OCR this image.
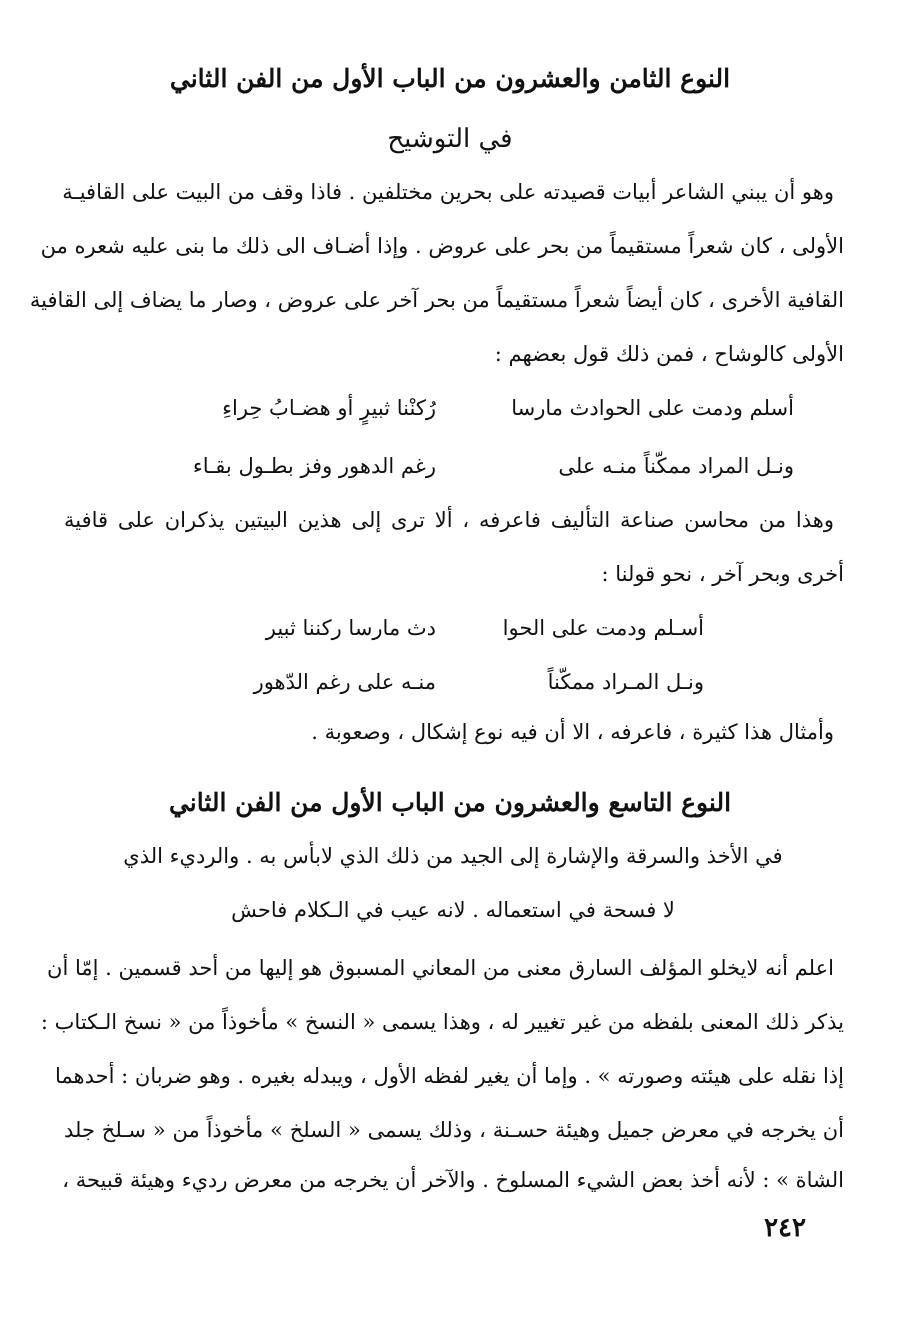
النوع الثامن والعشرون من الباب الأول من الفن الثاني
في التوشيح
وهو أن يبني الشاعر أبيات قصيدته على بحرين مختلفين . فاذا وقف من البيت على القافيـة
الأولى ، كان شعراً مستقيماً من بحر على عروض . وإذا أضـاف الى ذلك ما بنى عليه شعره من
القافية الأخرى ، كان أيضاً شعراً مستقيماً من بحر آخر على عروض ، وصار ما يضاف إلى القافية
الأولى كالوشاح ، فمن ذلك قول بعضهم :
أسلم ودمت على الحوادث مارسا
رُكنْنا ثبيرٍ أو هضـابُ حِراءِ
ونـل المراد ممكّناً منـه على
رغم الدهور وفز بطـول بقـاء
وهذا من محاسن صناعة التأليف فاعرفه ، ألا ترى إلى هذين البيتين يذكران على قافية
أخرى وبحر آخر ، نحو قولنا :
أسـلم ودمت على الحوا
دث مارسا ركننا ثبير
ونـل المـراد ممكّناً
منـه على رغم الدّهور
وأمثال هذا كثيرة ، فاعرفه ، الا أن فيه نوع إشكال ، وصعوبة .
النوع التاسع والعشرون من الباب الأول من الفن الثاني
في الأخذ والسرقة والإشارة إلى الجيد من ذلك الذي لابأس به . والرديء الذي
لا فسحة في استعماله . لانه عيب في الـكلام فاحش
اعلم أنه لايخلو المؤلف السارق معنى من المعاني المسبوق هو إليها من أحد قسمين . إمّا أن
يذكر ذلك المعنى بلفظه من غير تغيير له ، وهذا يسمى « النسخ » مأخوذاً من « نسخ الـكتاب :
إذا نقله على هيئته وصورته » . وإما أن يغير لفظه الأول ، ويبدله بغيره . وهو ضربان : أحدهما
أن يخرجه في معرض جميل وهيئة حسـنة ، وذلك يسمى « السلخ » مأخوذاً من « سـلخ جلد
الشاة » : لأنه أخذ بعض الشيء المسلوخ . والآخر أن يخرجه من معرض رديء وهيئة قبيحة ،
٢٤٢
